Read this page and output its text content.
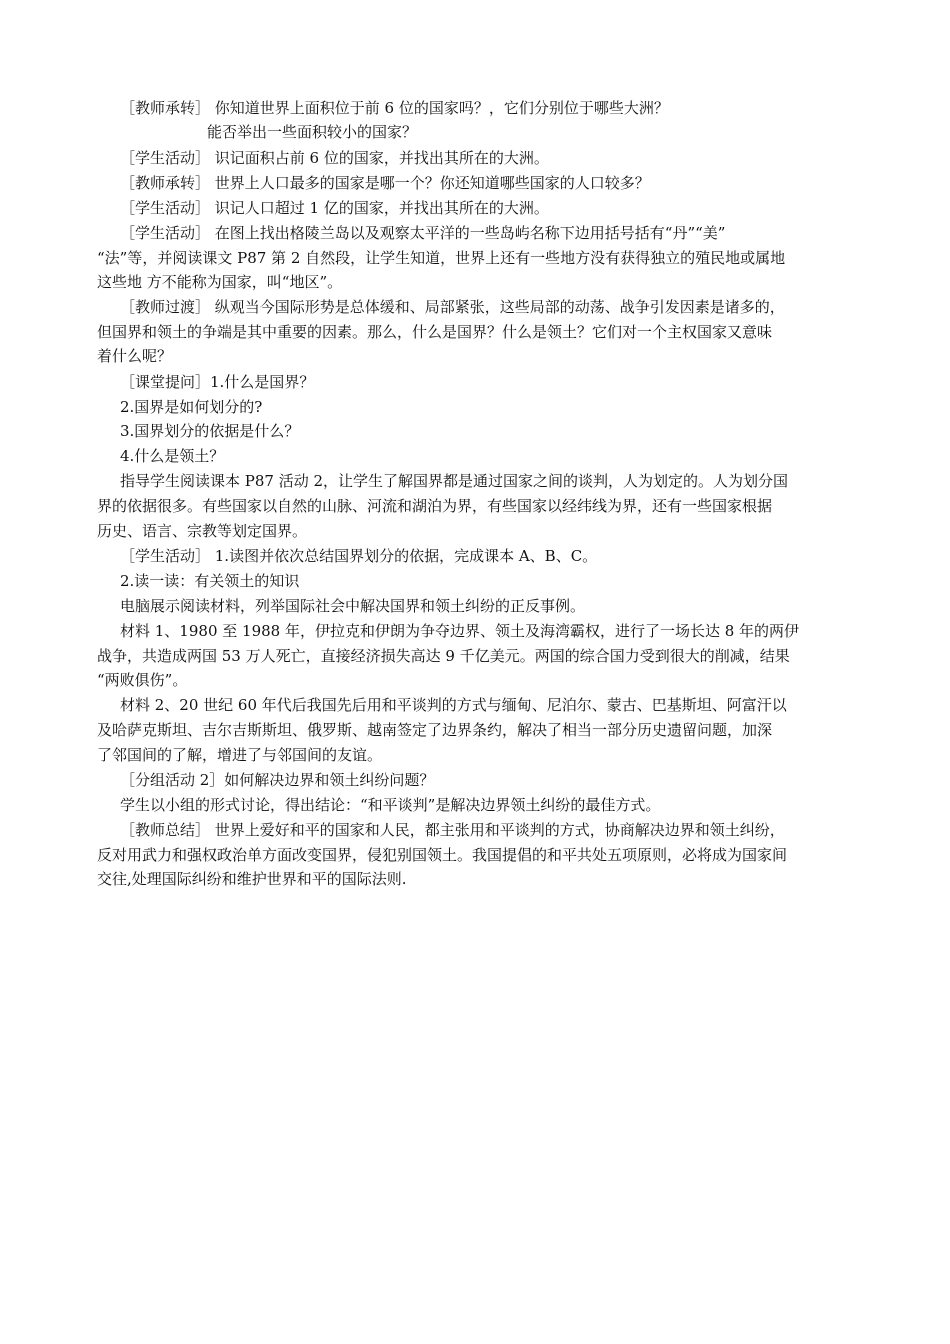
［教师承转］ 你知道世界上面积位于前 6 位的国家吗？，它们分别位于哪些大洲？
能否举出一些面积较小的国家？
［学生活动］ 识记面积占前 6 位的国家，并找出其所在的大洲。
［教师承转］ 世界上人口最多的国家是哪一个？你还知道哪些国家的人口较多？
［学生活动］ 识记人口超过 1 亿的国家，并找出其所在的大洲。
［学生活动］ 在图上找出格陵兰岛以及观察太平洋的一些岛屿名称下边用括号括有“丹”“美”
“法”等，并阅读课文 P87 第 2 自然段，让学生知道，世界上还有一些地方没有获得独立的殖民地或属地
这些地 方不能称为国家，叫“地区”。
［教师过渡］ 纵观当今国际形势是总体缓和、局部紧张，这些局部的动荡、战争引发因素是诸多的，
但国界和领土的争端是其中重要的因素。那么，什么是国界？什么是领土？它们对一个主权国家又意味
着什么呢？
［课堂提问］1.什么是国界？
2.国界是如何划分的?
3.国界划分的依据是什么？
4.什么是领土？
指导学生阅读课本 P87 活动 2，让学生了解国界都是通过国家之间的谈判，人为划定的。人为划分国
界的依据很多。有些国家以自然的山脉、河流和湖泊为界，有些国家以经纬线为界，还有一些国家根据
历史、语言、宗教等划定国界。
［学生活动］ 1.读图并依次总结国界划分的依据，完成课本 A、B、C。
2.读一读：有关领土的知识
电脑展示阅读材料，列举国际社会中解决国界和领土纠纷的正反事例。
材料 1、1980 至 1988 年，伊拉克和伊朗为争夺边界、领土及海湾霸权，进行了一场长达 8 年的两伊
战争，共造成两国 53 万人死亡，直接经济损失高达 9 千亿美元。两国的综合国力受到很大的削减，结果
“两败俱伤”。
材料 2、20 世纪 60 年代后我国先后用和平谈判的方式与缅甸、尼泊尔、蒙古、巴基斯坦、阿富汗以
及哈萨克斯坦、吉尔吉斯斯坦、俄罗斯、越南签定了边界条约，解决了相当一部分历史遗留问题，加深
了邻国间的了解，增进了与邻国间的友谊。
［分组活动 2］如何解决边界和领土纠纷问题？
学生以小组的形式讨论，得出结论：“和平谈判”是解决边界领土纠纷的最佳方式。
［教师总结］ 世界上爱好和平的国家和人民，都主张用和平谈判的方式，协商解决边界和领土纠纷，
反对用武力和强权政治单方面改变国界，侵犯别国领土。我国提倡的和平共处五项原则，必将成为国家间
交往,处理国际纠纷和维护世界和平的国际法则.
